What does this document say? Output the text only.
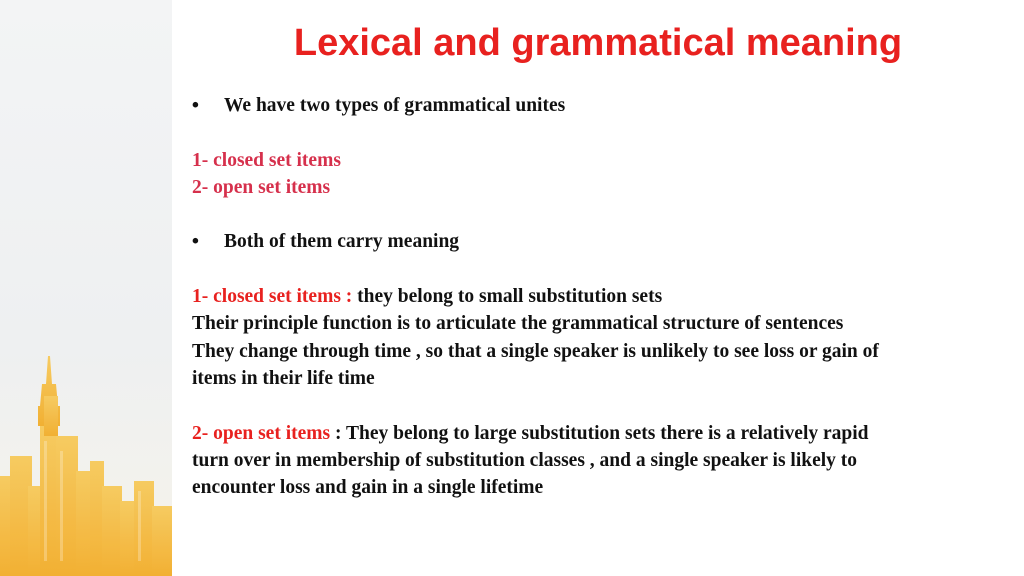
Lexical and grammatical meaning
• We have two types of grammatical unites
1- closed set items
2- open set items
• Both of them carry meaning
1- closed set items : they belong to small substitution sets
Their principle function is to articulate the grammatical structure of sentences
They change through time , so that a single speaker is unlikely to see loss or gain of
items in their life time
2- open set items : They belong to large substitution sets there is a relatively rapid
turn over in membership of substitution classes , and a single speaker is likely to
encounter loss and gain in a single lifetime
